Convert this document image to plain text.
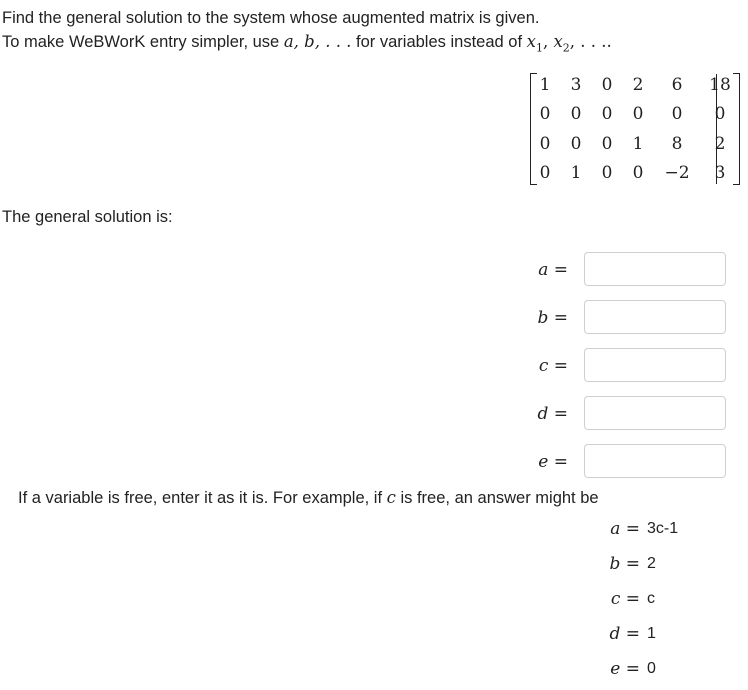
Find the general solution to the system whose augmented matrix is given.
To make WeBWorK entry simpler, use a, b, . . . for variables instead of $x_1$, $x_2$, . . ..
1	3	0	2	6	18
0	0	0	0	0	0
0	0	0	1	8	2
0	1	0	0	−2	3
The general solution is:
a =
b =
c =
d =
e =
If a variable is free, enter it as it is. For example, if c is free, an answer might be
a = 3c-1
b = 2
c = c
d = 1
e = 0
